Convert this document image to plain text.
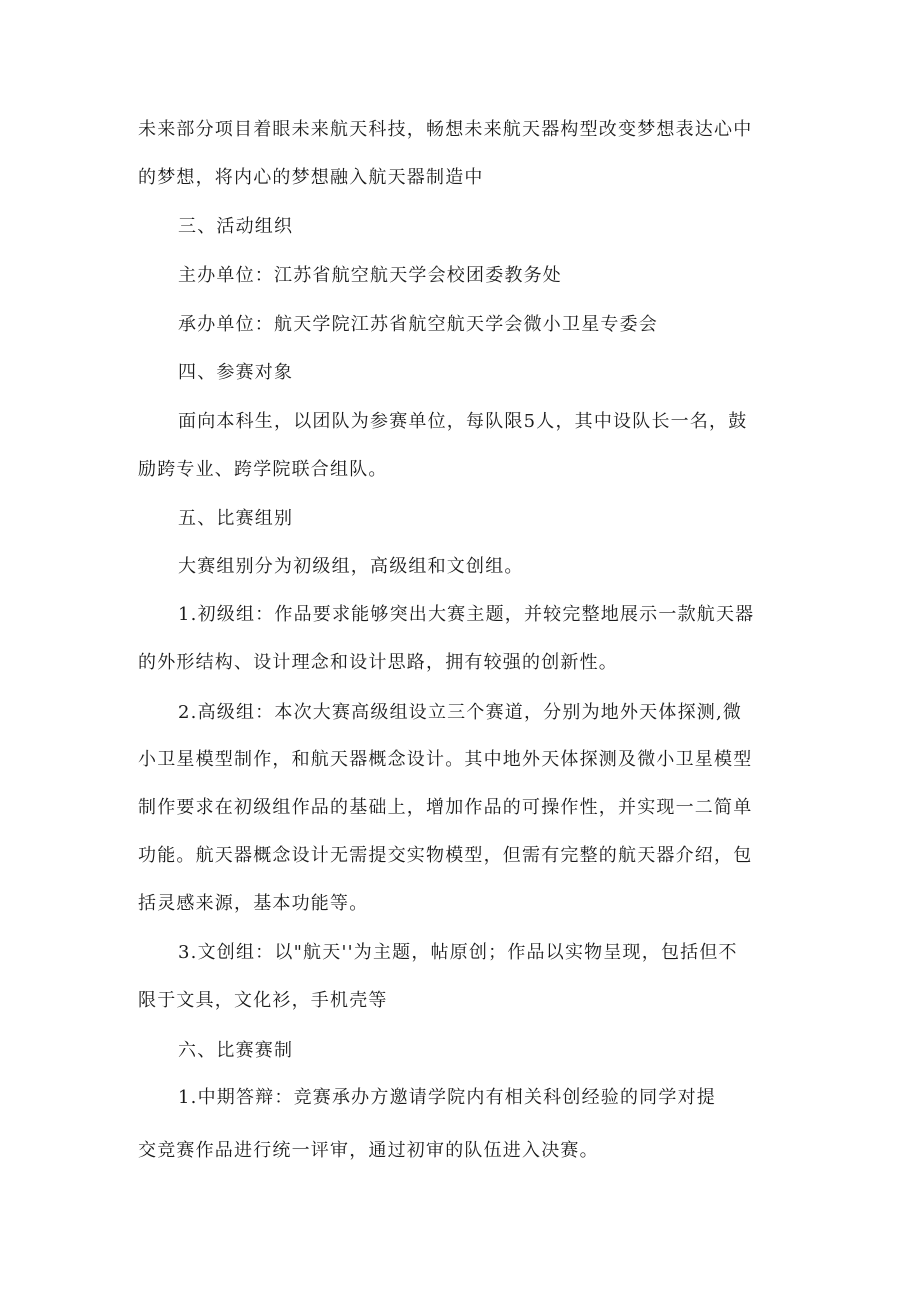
未来部分项目着眼未来航天科技，畅想未来航天器构型改变梦想表达心中
的梦想，将内心的梦想融入航天器制造中
三、活动组织
主办单位：江苏省航空航天学会校团委教务处
承办单位：航天学院江苏省航空航天学会微小卫星专委会
四、参赛对象
面向本科生，以团队为参赛单位，每队限5人，其中设队长一名，鼓
励跨专业、跨学院联合组队。
五、比赛组别
大赛组别分为初级组，高级组和文创组。
1.初级组：作品要求能够突出大赛主题，并较完整地展示一款航天器
的外形结构、设计理念和设计思路，拥有较强的创新性。
2.高级组：本次大赛高级组设立三个赛道，分别为地外天体探测,微
小卫星模型制作，和航天器概念设计。其中地外天体探测及微小卫星模型
制作要求在初级组作品的基础上，增加作品的可操作性，并实现一二简单
功能。航天器概念设计无需提交实物模型，但需有完整的航天器介绍，包
括灵感来源，基本功能等。
3.文创组：以"航天''为主题，帖原创；作品以实物呈现，包括但不
限于文具，文化衫，手机壳等
六、比赛赛制
1.中期答辩：竞赛承办方邀请学院内有相关科创经验的同学对提
交竞赛作品进行统一评审，通过初审的队伍进入决赛。
